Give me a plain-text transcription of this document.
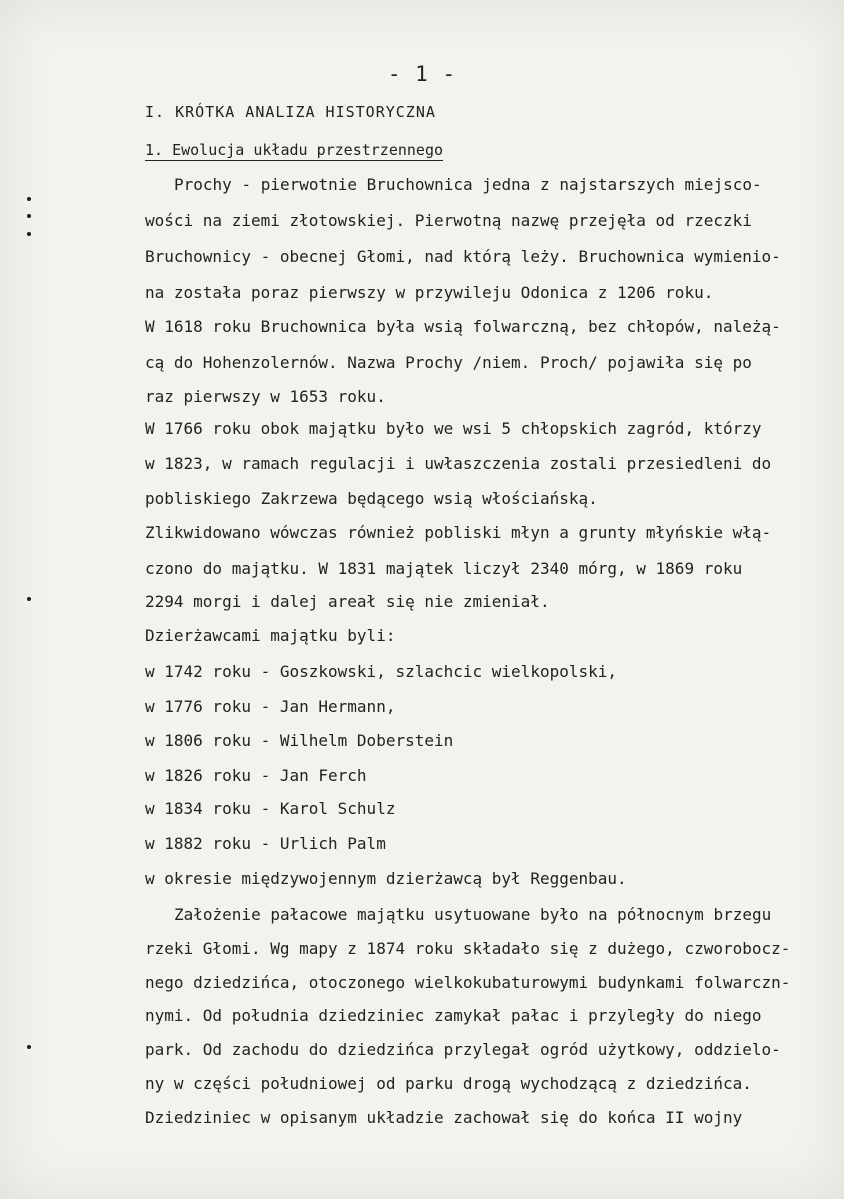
- 1 -
I. KRÓTKA ANALIZA HISTORYCZNA
1. Ewolucja układu przestrzennego
Prochy - pierwotnie Bruchownica jedna z najstarszych miejsco-
wości na ziemi złotowskiej. Pierwotną nazwę przejęła od rzeczki
Bruchownicy - obecnej Głomi, nad którą leży. Bruchownica wymienio-
na została poraz pierwszy w przywileju Odonica z 1206 roku.
W 1618 roku Bruchownica była wsią folwarczną, bez chłopów, należą-
cą do Hohenzolernów. Nazwa Prochy /niem. Proch/ pojawiła się po
raz pierwszy w 1653 roku.
W 1766 roku obok majątku było we wsi 5 chłopskich zagród, którzy
w 1823, w ramach regulacji i uwłaszczenia zostali przesiedleni do
pobliskiego Zakrzewa będącego wsią włościańską.
Zlikwidowano wówczas również pobliski młyn a grunty młyńskie włą-
czono do majątku. W 1831 majątek liczył 2340 mórg, w 1869 roku
2294 morgi i dalej areał się nie zmieniał.
Dzierżawcami majątku byli:
w 1742 roku - Goszkowski, szlachcic wielkopolski,
w 1776 roku - Jan Hermann,
w 1806 roku - Wilhelm Doberstein
w 1826 roku - Jan Ferch
w 1834 roku - Karol Schulz
w 1882 roku - Urlich Palm
w okresie międzywojennym dzierżawcą był Reggenbau.
Założenie pałacowe majątku usytuowane było na północnym brzegu
rzeki Głomi. Wg mapy z 1874 roku składało się z dużego, czworobocz-
nego dziedzińca, otoczonego wielkokubaturowymi budynkami folwarczn-
nymi. Od południa dziedziniec zamykał pałac i przyległy do niego
park. Od zachodu do dziedzińca przylegał ogród użytkowy, oddzielo-
ny w części południowej od parku drogą wychodzącą z dziedzińca.
Dziedziniec w opisanym układzie zachował się do końca II wojny
